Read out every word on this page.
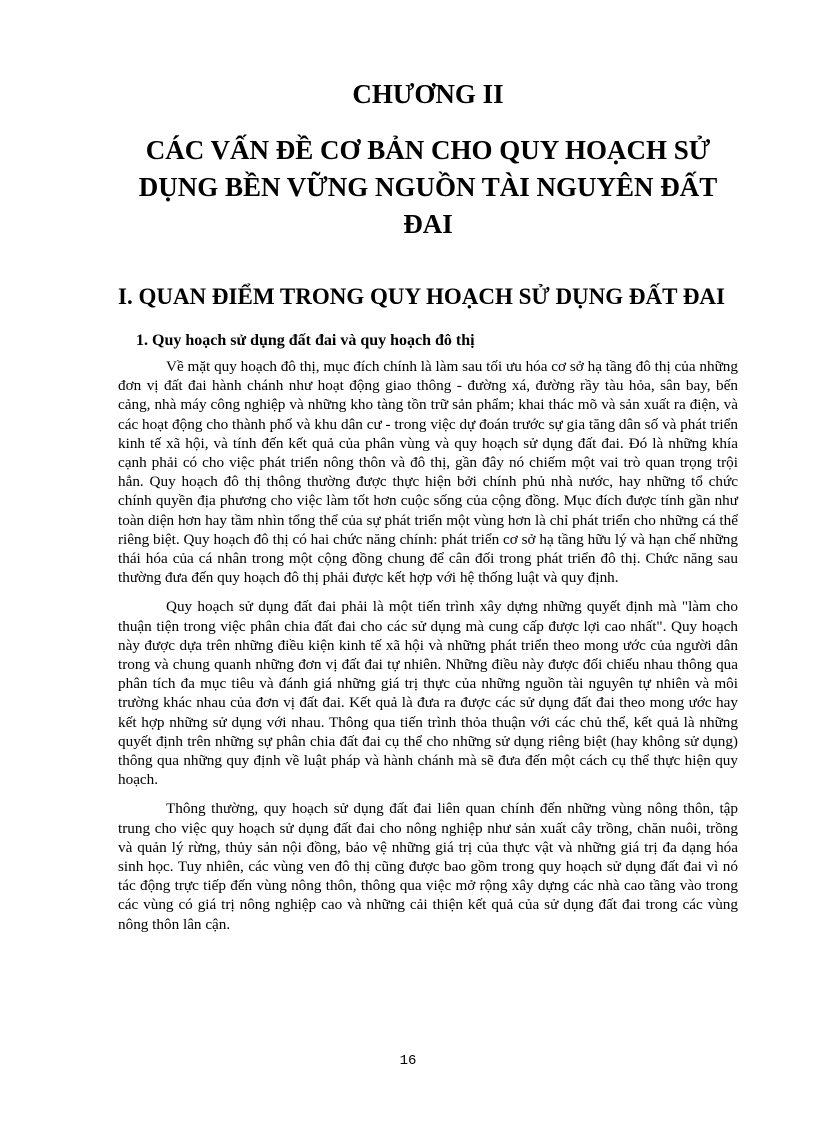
CHƯƠNG II
CÁC VẤN ĐỀ CƠ BẢN CHO QUY HOẠCH SỬ DỤNG BỀN VỮNG NGUỒN TÀI NGUYÊN ĐẤT ĐAI
I. QUAN ĐIỂM TRONG QUY HOẠCH SỬ DỤNG ĐẤT ĐAI
1. Quy hoạch sử dụng đất đai và quy hoạch đô thị

Về mặt quy hoạch đô thị, mục đích chính là làm sau tối ưu hóa cơ sở hạ tầng đô thị của những đơn vị đất đai hành chánh như hoạt động giao thông - đường xá, đường rầy tàu hỏa, sân bay, bến cảng, nhà máy công nghiệp và những kho tàng tồn trữ sản phẩm; khai thác mõ và sản xuất ra điện, và các hoạt động cho thành phố và khu dân cư - trong việc dự đoán trước sự gia tăng dân số và phát triển kinh tế xã hội, và tính đến kết quả của phân vùng và quy hoạch sử dụng đất đai. Đó là những khía cạnh phải có cho việc phát triển nông thôn và đô thị, gần đây nó chiếm một vai trò quan trọng trội hẳn. Quy hoạch đô thị thông thường được thực hiện bởi chính phủ nhà nước, hay những tổ chức chính quyền địa phương cho việc làm tốt hơn cuộc sống của cộng đồng. Mục đích được tính gần như toàn diện hơn hay tầm nhìn tổng thể của sự phát triển một vùng hơn là chỉ phát triển cho những cá thể riêng biệt. Quy hoạch đô thị có hai chức năng chính: phát triển cơ sở hạ tầng hữu lý và hạn chế những thái hóa của cá nhân trong một cộng đồng chung để cân đối trong phát triển đô thị. Chức năng sau thường đưa đến quy hoạch đô thị phải được kết hợp với hệ thống luật và quy định.

Quy hoạch sử dụng đất đai phải là một tiến trình xây dựng những quyết định mà "làm cho thuận tiện trong việc phân chia đất đai cho các sử dụng mà cung cấp được lợi cao nhất". Quy hoạch này được dựa trên những điều kiện kinh tế xã hội và những phát triển theo mong ước của người dân trong và chung quanh những đơn vị đất đai tự nhiên. Những điều này được đối chiếu nhau thông qua phân tích đa mục tiêu và đánh giá những giá trị thực của những nguồn tài nguyên tự nhiên và môi trường khác nhau của đơn vị đất đai. Kết quả là đưa ra được các sử dụng đất đai theo mong ước hay kết hợp những sử dụng với nhau. Thông qua tiến trình thỏa thuận với các chủ thể, kết quả là những quyết định trên những sự phân chia đất đai cụ thể cho những sử dụng riêng biệt (hay không sử dụng) thông qua những quy định về luật pháp và hành chánh mà sẽ đưa đến một cách cụ thể thực hiện quy hoạch.

Thông thường, quy hoạch sử dụng đất đai liên quan chính đến những vùng nông thôn, tập trung cho việc quy hoạch sử dụng đất đai cho nông nghiệp như sản xuất cây trồng, chăn nuôi, trồng và quản lý rừng, thủy sản nội đồng, bảo vệ những giá trị của thực vật và những giá trị đa dạng hóa sinh học. Tuy nhiên, các vùng ven đô thị cũng được bao gồm trong quy hoạch sử dụng đất đai vì nó tác động trực tiếp đến vùng nông thôn, thông qua việc mở rộng xây dựng các nhà cao tầng vào trong các vùng có giá trị nông nghiệp cao và những cải thiện kết quả của sử dụng đất đai trong các vùng nông thôn lân cận.

16
